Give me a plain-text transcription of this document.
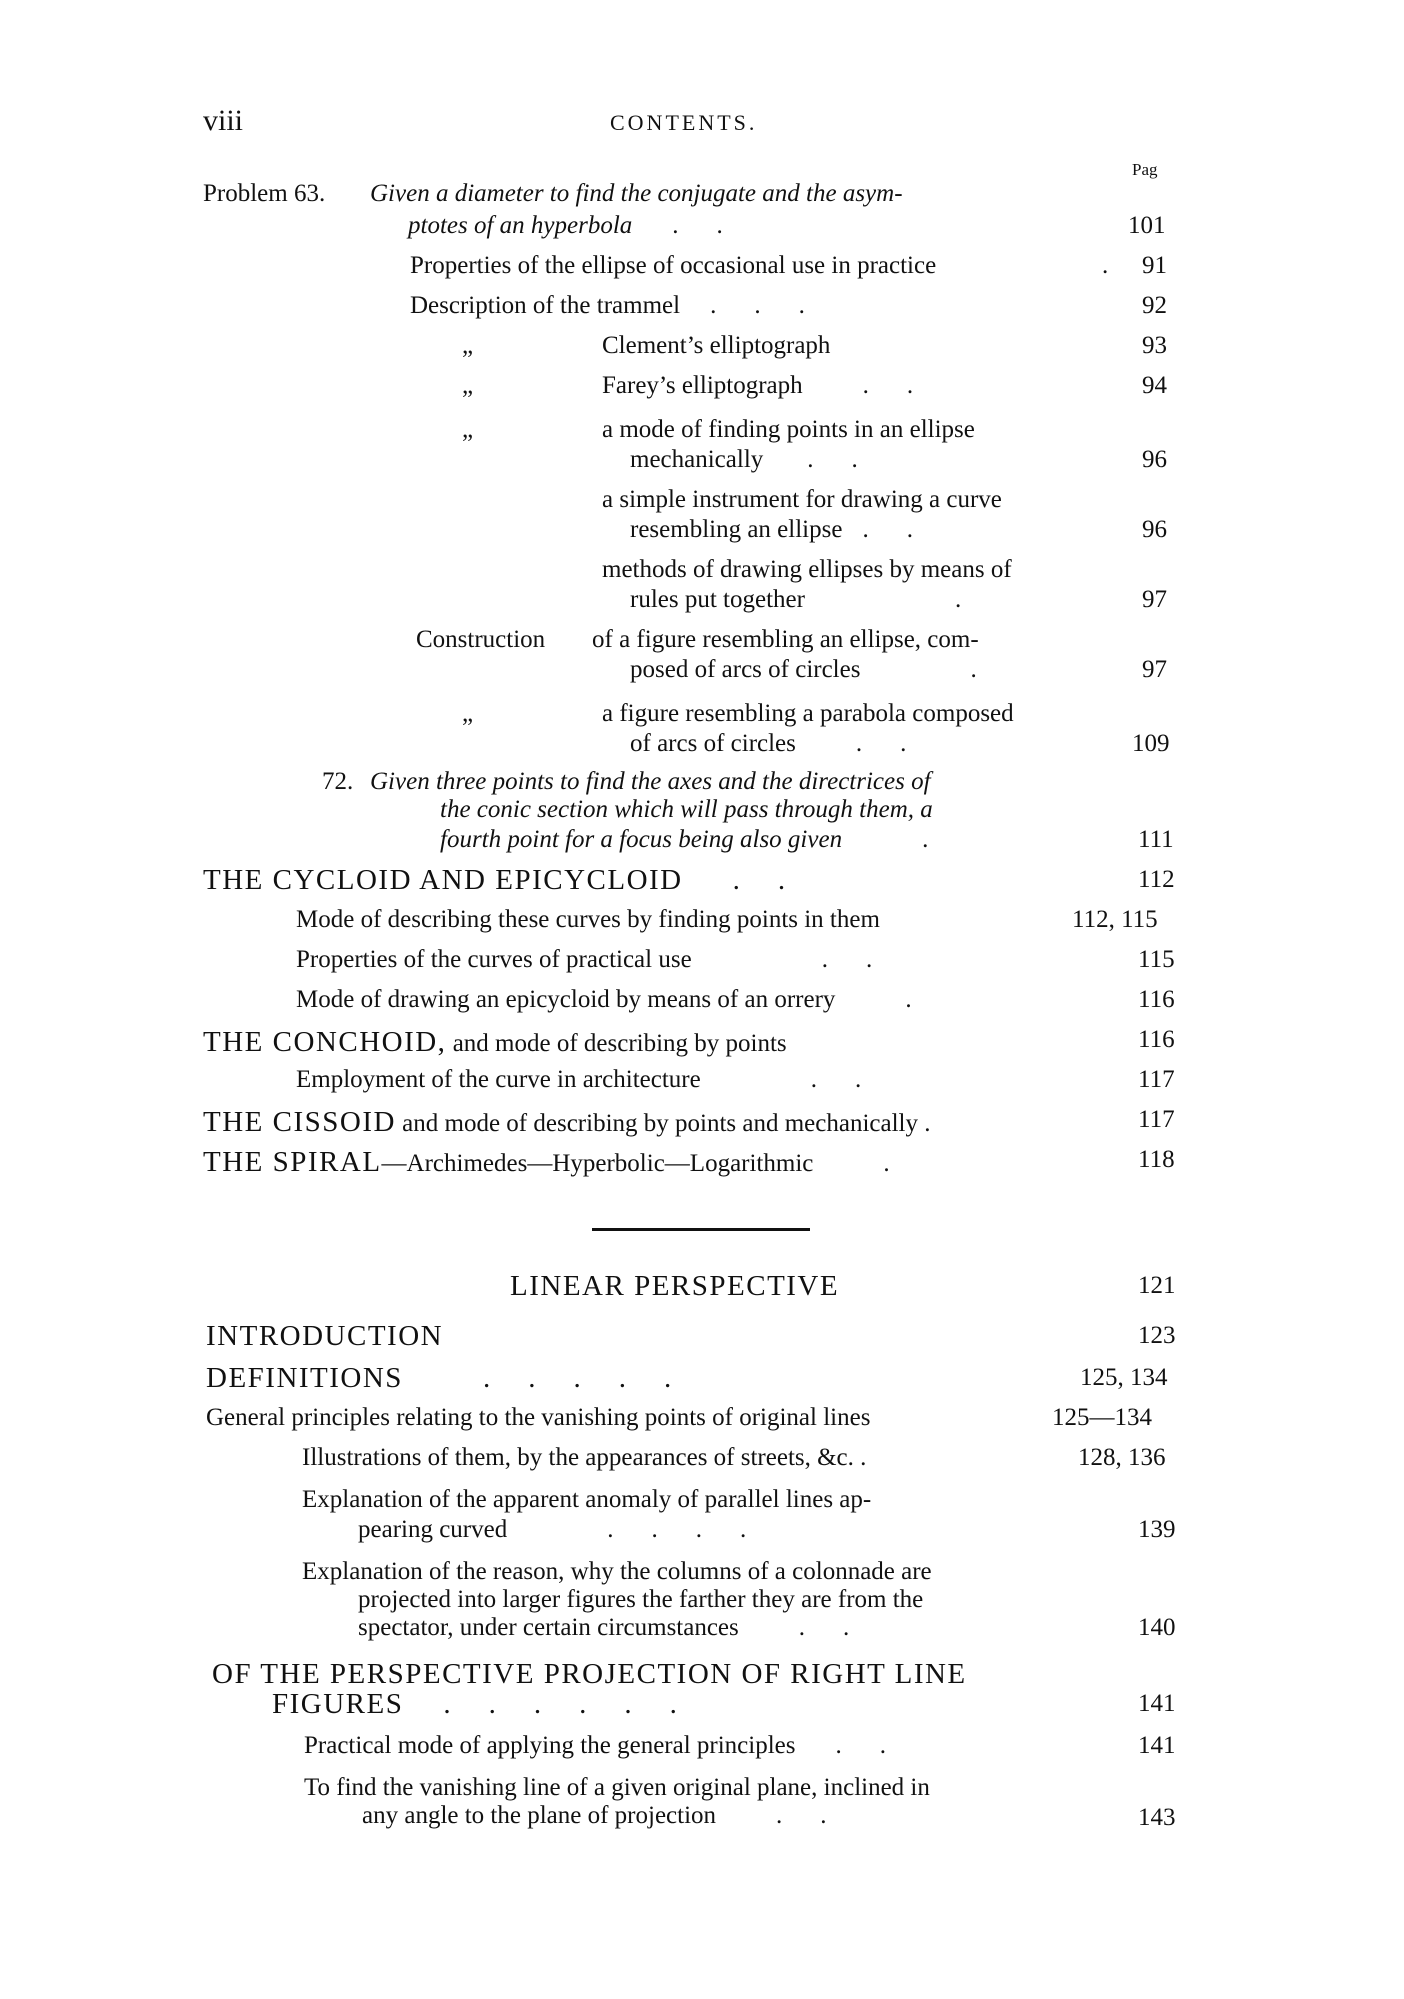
viii	CONTENTS.
Pag
Problem 63. Given a diameter to find the conjugate and the asym-
ptotes of an hyperbola ..	101
Properties of the ellipse of occasional use in practice	. 91
Description of the trammel ...	92
„	Clement’s elliptograph	93
„	Farey’s elliptograph ..	94
„	a mode of finding points in an ellipse
mechanically ..	96
a simple instrument for drawing a curve
resembling an ellipse ..	96
methods of drawing ellipses by means of
rules put together	.	97
Construction of a figure resembling an ellipse, com-
posed of arcs of circles	.	97
„	a figure resembling a parabola composed
of arcs of circles ..	109
72. Given three points to find the axes and the directrices of
the conic section which will pass through them, a
fourth point for a focus being also given	.	111
THE CYCLOID AND EPICYCLOID ..	112
Mode of describing these curves by finding points in them	112, 115
Properties of the curves of practical use	..	115
Mode of drawing an epicycloid by means of an orrery	.	116
THE CONCHOID, and mode of describing by points	116
Employment of the curve in architecture	..	117
THE CISSOID and mode of describing by points and mechanically .	117
THE SPIRAL—Archimedes—Hyperbolic—Logarithmic	.	118
LINEAR PERSPECTIVE	121
INTRODUCTION	123
DEFINITIONS	.....	125, 134
General principles relating to the vanishing points of original lines	125—134
Illustrations of them, by the appearances of streets, &c. .	128, 136
Explanation of the apparent anomaly of parallel lines ap-
pearing curved	....	139
Explanation of the reason, why the columns of a colonnade are
projected into larger figures the farther they are from the
spectator, under certain circumstances ..	140
OF THE PERSPECTIVE PROJECTION OF RIGHT LINE
FIGURES ......	141
Practical mode of applying the general principles ..	141
To find the vanishing line of a given original plane, inclined in
any angle to the plane of projection ..	143
